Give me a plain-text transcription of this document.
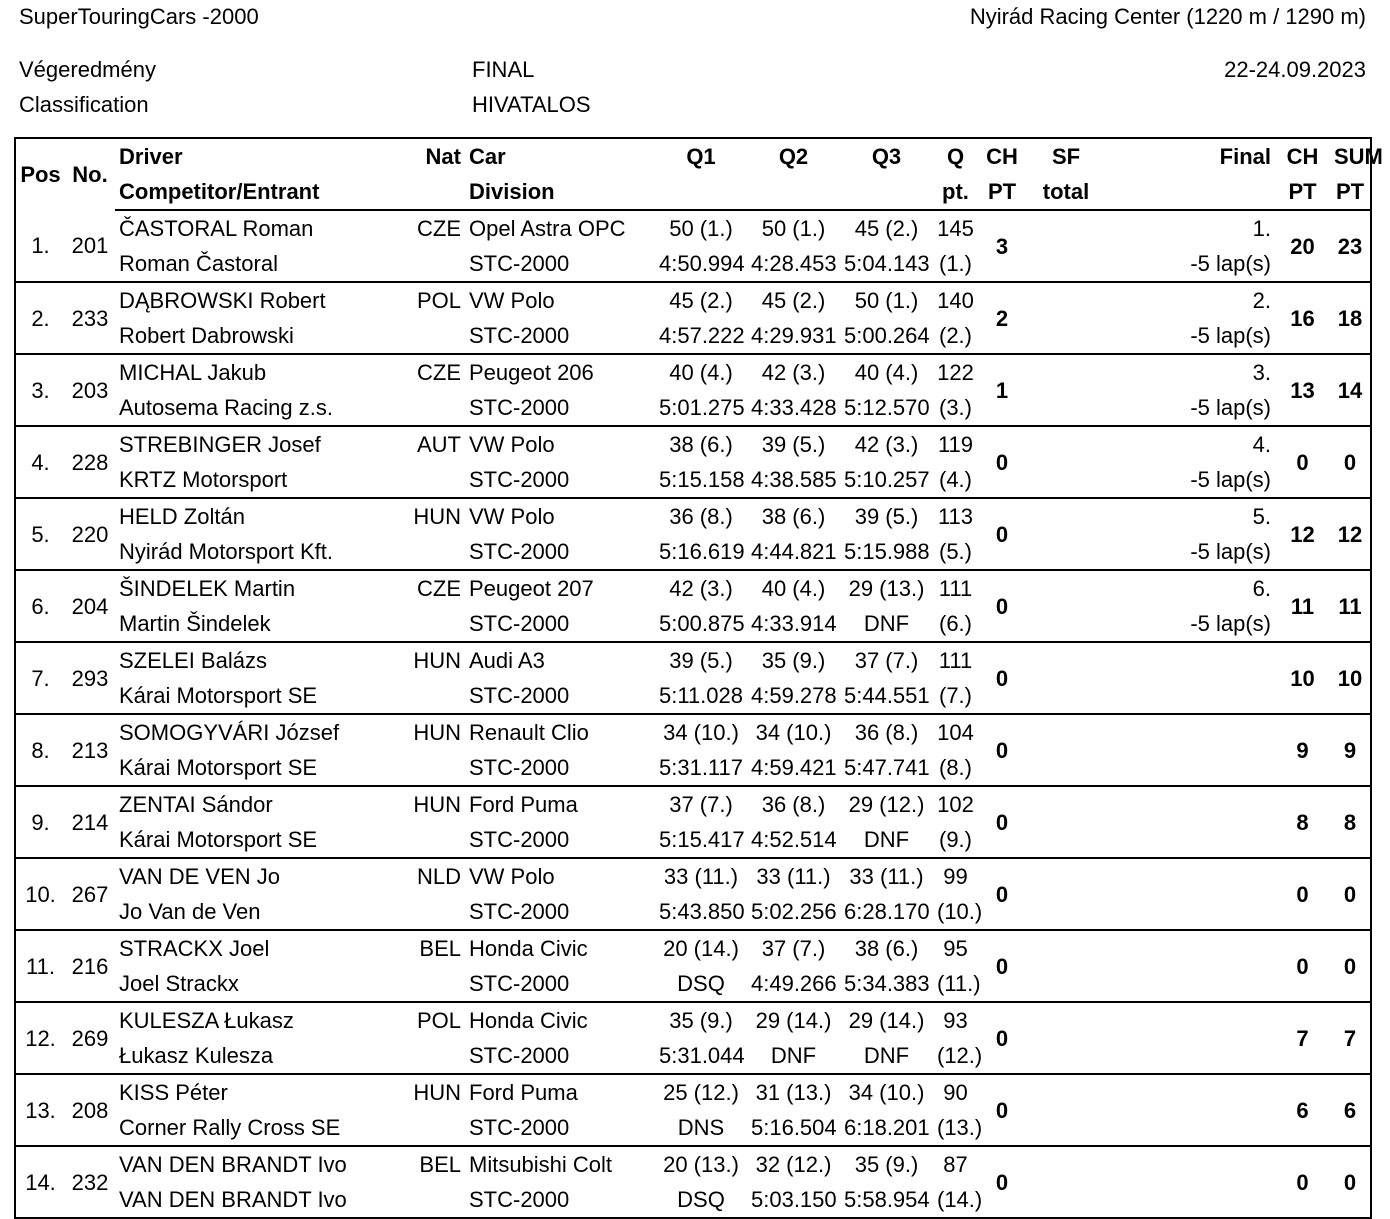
SuperTouringCars -2000	Nyirád Racing Center (1220 m / 1290 m)
Végeredmény
Classification
FINAL
HIVATALOS
22-24.09.2023
Pos	No.	Driver	Nat	Car	Q1	Q2	Q3	Q	CH	SF	Final	CH	SUM
		Competitor/Entrant		Division				pt.	PT	total		PT	PT
1.	201	ČASTORAL Roman	CZE	Opel Astra OPC	50 (1.)	50 (1.)	45 (2.)	145	3		1.	20	23
		Roman Častoral		STC-2000	4:50.994	4:28.453	5:04.143	(1.)			-5 lap(s)		
2.	233	DĄBROWSKI Robert	POL	VW Polo	45 (2.)	45 (2.)	50 (1.)	140	2		2.	16	18
		Robert Dabrowski		STC-2000	4:57.222	4:29.931	5:00.264	(2.)			-5 lap(s)		
3.	203	MICHAL Jakub	CZE	Peugeot 206	40 (4.)	42 (3.)	40 (4.)	122	1		3.	13	14
		Autosema Racing z.s.		STC-2000	5:01.275	4:33.428	5:12.570	(3.)			-5 lap(s)		
4.	228	STREBINGER Josef	AUT	VW Polo	38 (6.)	39 (5.)	42 (3.)	119	0		4.	0	0
		KRTZ Motorsport		STC-2000	5:15.158	4:38.585	5:10.257	(4.)			-5 lap(s)		
5.	220	HELD Zoltán	HUN	VW Polo	36 (8.)	38 (6.)	39 (5.)	113	0		5.	12	12
		Nyirád Motorsport Kft.		STC-2000	5:16.619	4:44.821	5:15.988	(5.)			-5 lap(s)		
6.	204	ŠINDELEK Martin	CZE	Peugeot 207	42 (3.)	40 (4.)	29 (13.)	111	0		6.	11	11
		Martin Šindelek		STC-2000	5:00.875	4:33.914	DNF	(6.)			-5 lap(s)		
7.	293	SZELEI Balázs	HUN	Audi A3	39 (5.)	35 (9.)	37 (7.)	111	0			10	10
		Kárai Motorsport SE		STC-2000	5:11.028	4:59.278	5:44.551	(7.)					
8.	213	SOMOGYVÁRI József	HUN	Renault Clio	34 (10.)	34 (10.)	36 (8.)	104	0			9	9
		Kárai Motorsport SE		STC-2000	5:31.117	4:59.421	5:47.741	(8.)					
9.	214	ZENTAI Sándor	HUN	Ford Puma	37 (7.)	36 (8.)	29 (12.)	102	0			8	8
		Kárai Motorsport SE		STC-2000	5:15.417	4:52.514	DNF	(9.)					
10.	267	VAN DE VEN Jo	NLD	VW Polo	33 (11.)	33 (11.)	33 (11.)	99	0			0	0
		Jo Van de Ven		STC-2000	5:43.850	5:02.256	6:28.170	(10.)					
11.	216	STRACKX Joel	BEL	Honda Civic	20 (14.)	37 (7.)	38 (6.)	95	0			0	0
		Joel Strackx		STC-2000	DSQ	4:49.266	5:34.383	(11.)					
12.	269	KULESZA Łukasz	POL	Honda Civic	35 (9.)	29 (14.)	29 (14.)	93	0			7	7
		Łukasz Kulesza		STC-2000	5:31.044	DNF	DNF	(12.)					
13.	208	KISS Péter	HUN	Ford Puma	25 (12.)	31 (13.)	34 (10.)	90	0			6	6
		Corner Rally Cross SE		STC-2000	DNS	5:16.504	6:18.201	(13.)					
14.	232	VAN DEN BRANDT Ivo	BEL	Mitsubishi Colt	20 (13.)	32 (12.)	35 (9.)	87	0			0	0
		VAN DEN BRANDT Ivo		STC-2000	DSQ	5:03.150	5:58.954	(14.)					
